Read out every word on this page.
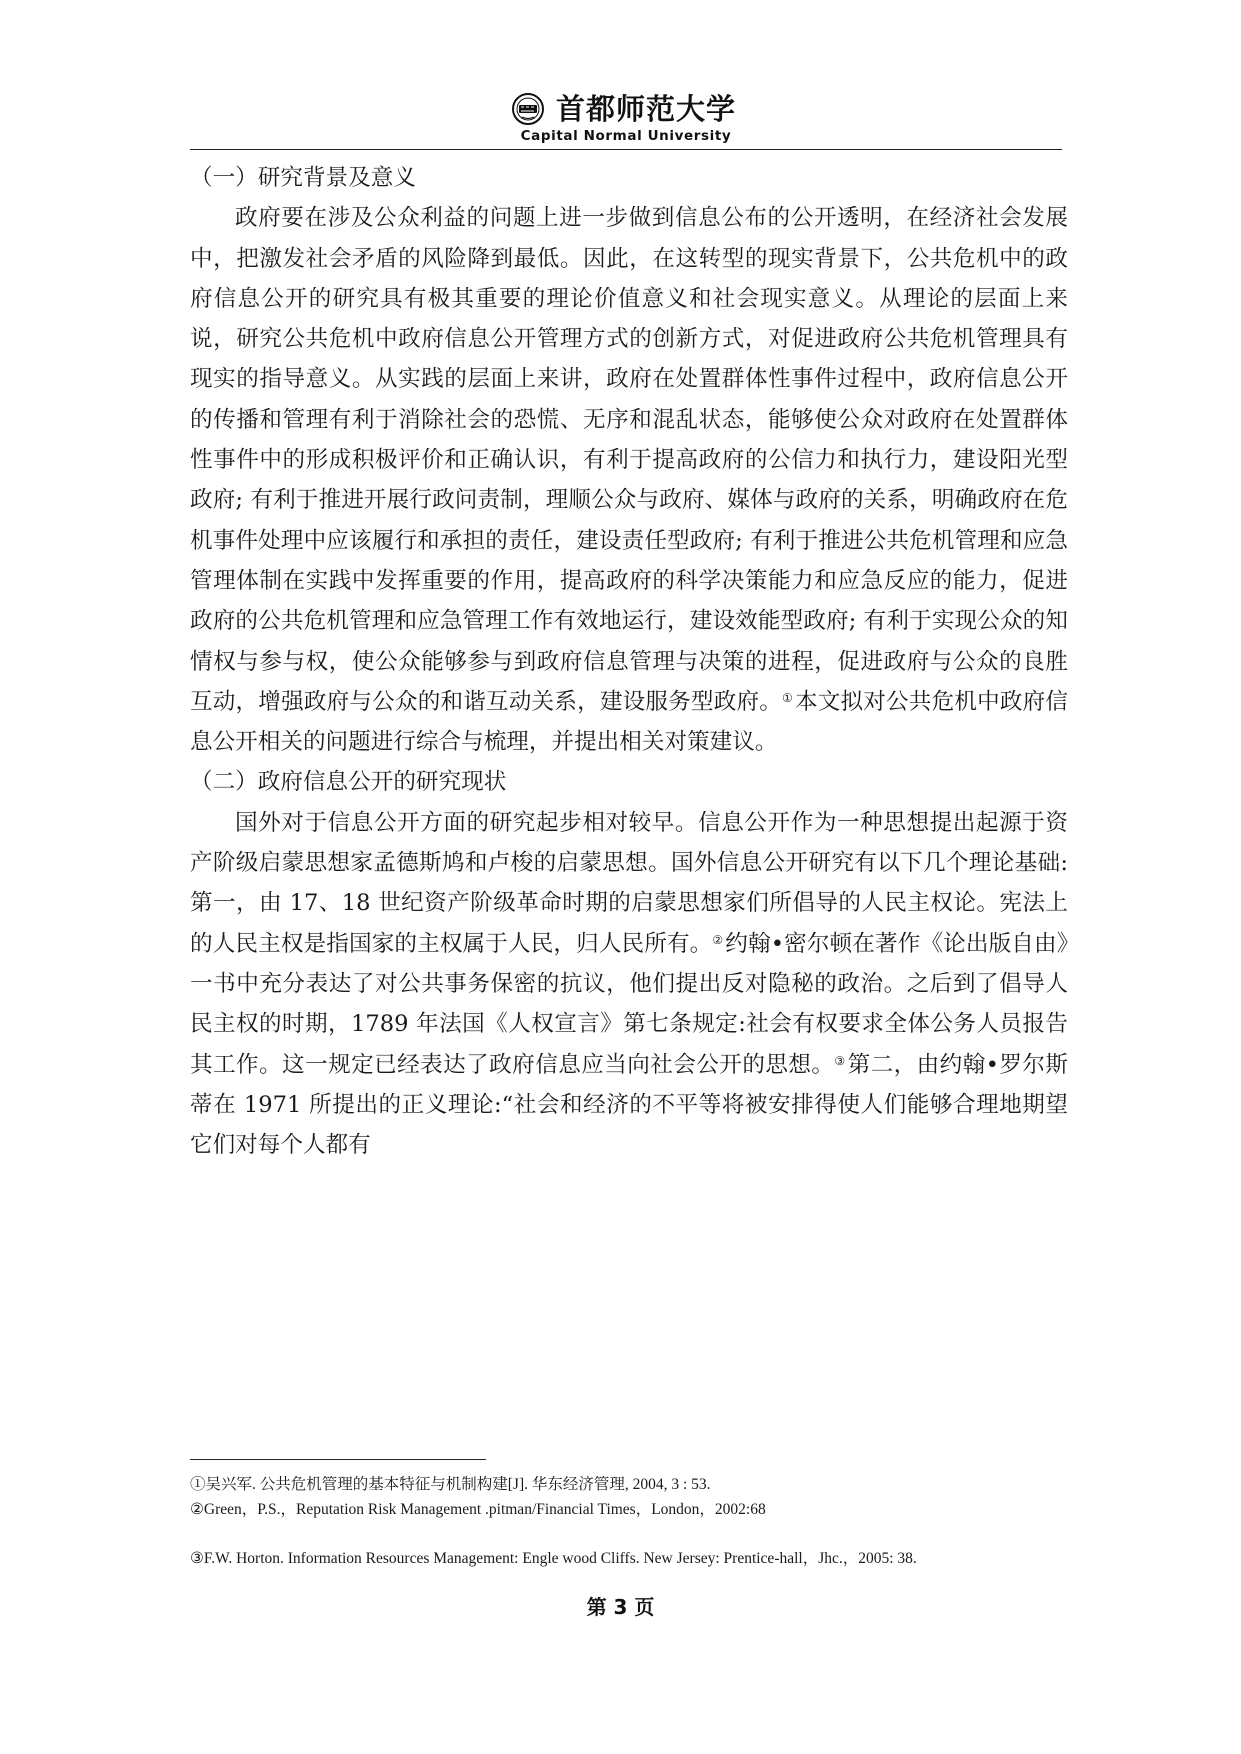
首都师范大学
Capital Normal University

（一）研究背景及意义

政府要在涉及公众利益的问题上进一步做到信息公布的公开透明，在经济社会发展中，把激发社会矛盾的风险降到最低。因此，在这转型的现实背景下，公共危机中的政府信息公开的研究具有极其重要的理论价值意义和社会现实意义。从理论的层面上来说，研究公共危机中政府信息公开管理方式的创新方式，对促进政府公共危机管理具有现实的指导意义。从实践的层面上来讲，政府在处置群体性事件过程中，政府信息公开的传播和管理有利于消除社会的恐慌、无序和混乱状态，能够使公众对政府在处置群体性事件中的形成积极评价和正确认识，有利于提高政府的公信力和执行力，建设阳光型政府; 有利于推进开展行政问责制，理顺公众与政府、媒体与政府的关系，明确政府在危机事件处理中应该履行和承担的责任，建设责任型政府; 有利于推进公共危机管理和应急管理体制在实践中发挥重要的作用，提高政府的科学决策能力和应急反应的能力，促进政府的公共危机管理和应急管理工作有效地运行，建设效能型政府; 有利于实现公众的知情权与参与权，使公众能够参与到政府信息管理与决策的进程，促进政府与公众的良胜互动，增强政府与公众的和谐互动关系，建设服务型政府。①本文拟对公共危机中政府信息公开相关的问题进行综合与梳理，并提出相关对策建议。

（二）政府信息公开的研究现状

国外对于信息公开方面的研究起步相对较早。信息公开作为一种思想提出起源于资产阶级启蒙思想家孟德斯鸠和卢梭的启蒙思想。国外信息公开研究有以下几个理论基础:第一，由 17、18 世纪资产阶级革命时期的启蒙思想家们所倡导的人民主权论。宪法上的人民主权是指国家的主权属于人民，归人民所有。②约翰•密尔顿在著作《论出版自由》一书中充分表达了对公共事务保密的抗议，他们提出反对隐秘的政治。之后到了倡导人民主权的时期，1789 年法国《人权宣言》第七条规定:社会有权要求全体公务人员报告其工作。这一规定已经表达了政府信息应当向社会公开的思想。③第二，由约翰•罗尔斯蒂在 1971 所提出的正义理论:“社会和经济的不平等将被安排得使人们能够合理地期望它们对每个人都有

①吴兴军. 公共危机管理的基本特征与机制构建[J]. 华东经济管理, 2004, 3 : 53.
②Green，P.S.，Reputation Risk Management .pitman/Financial Times，London，2002:68
③F.W. Horton. Information Resources Management: Engle wood Cliffs. New Jersey: Prentice-hall，Jhc.，2005: 38.
第 3 页
